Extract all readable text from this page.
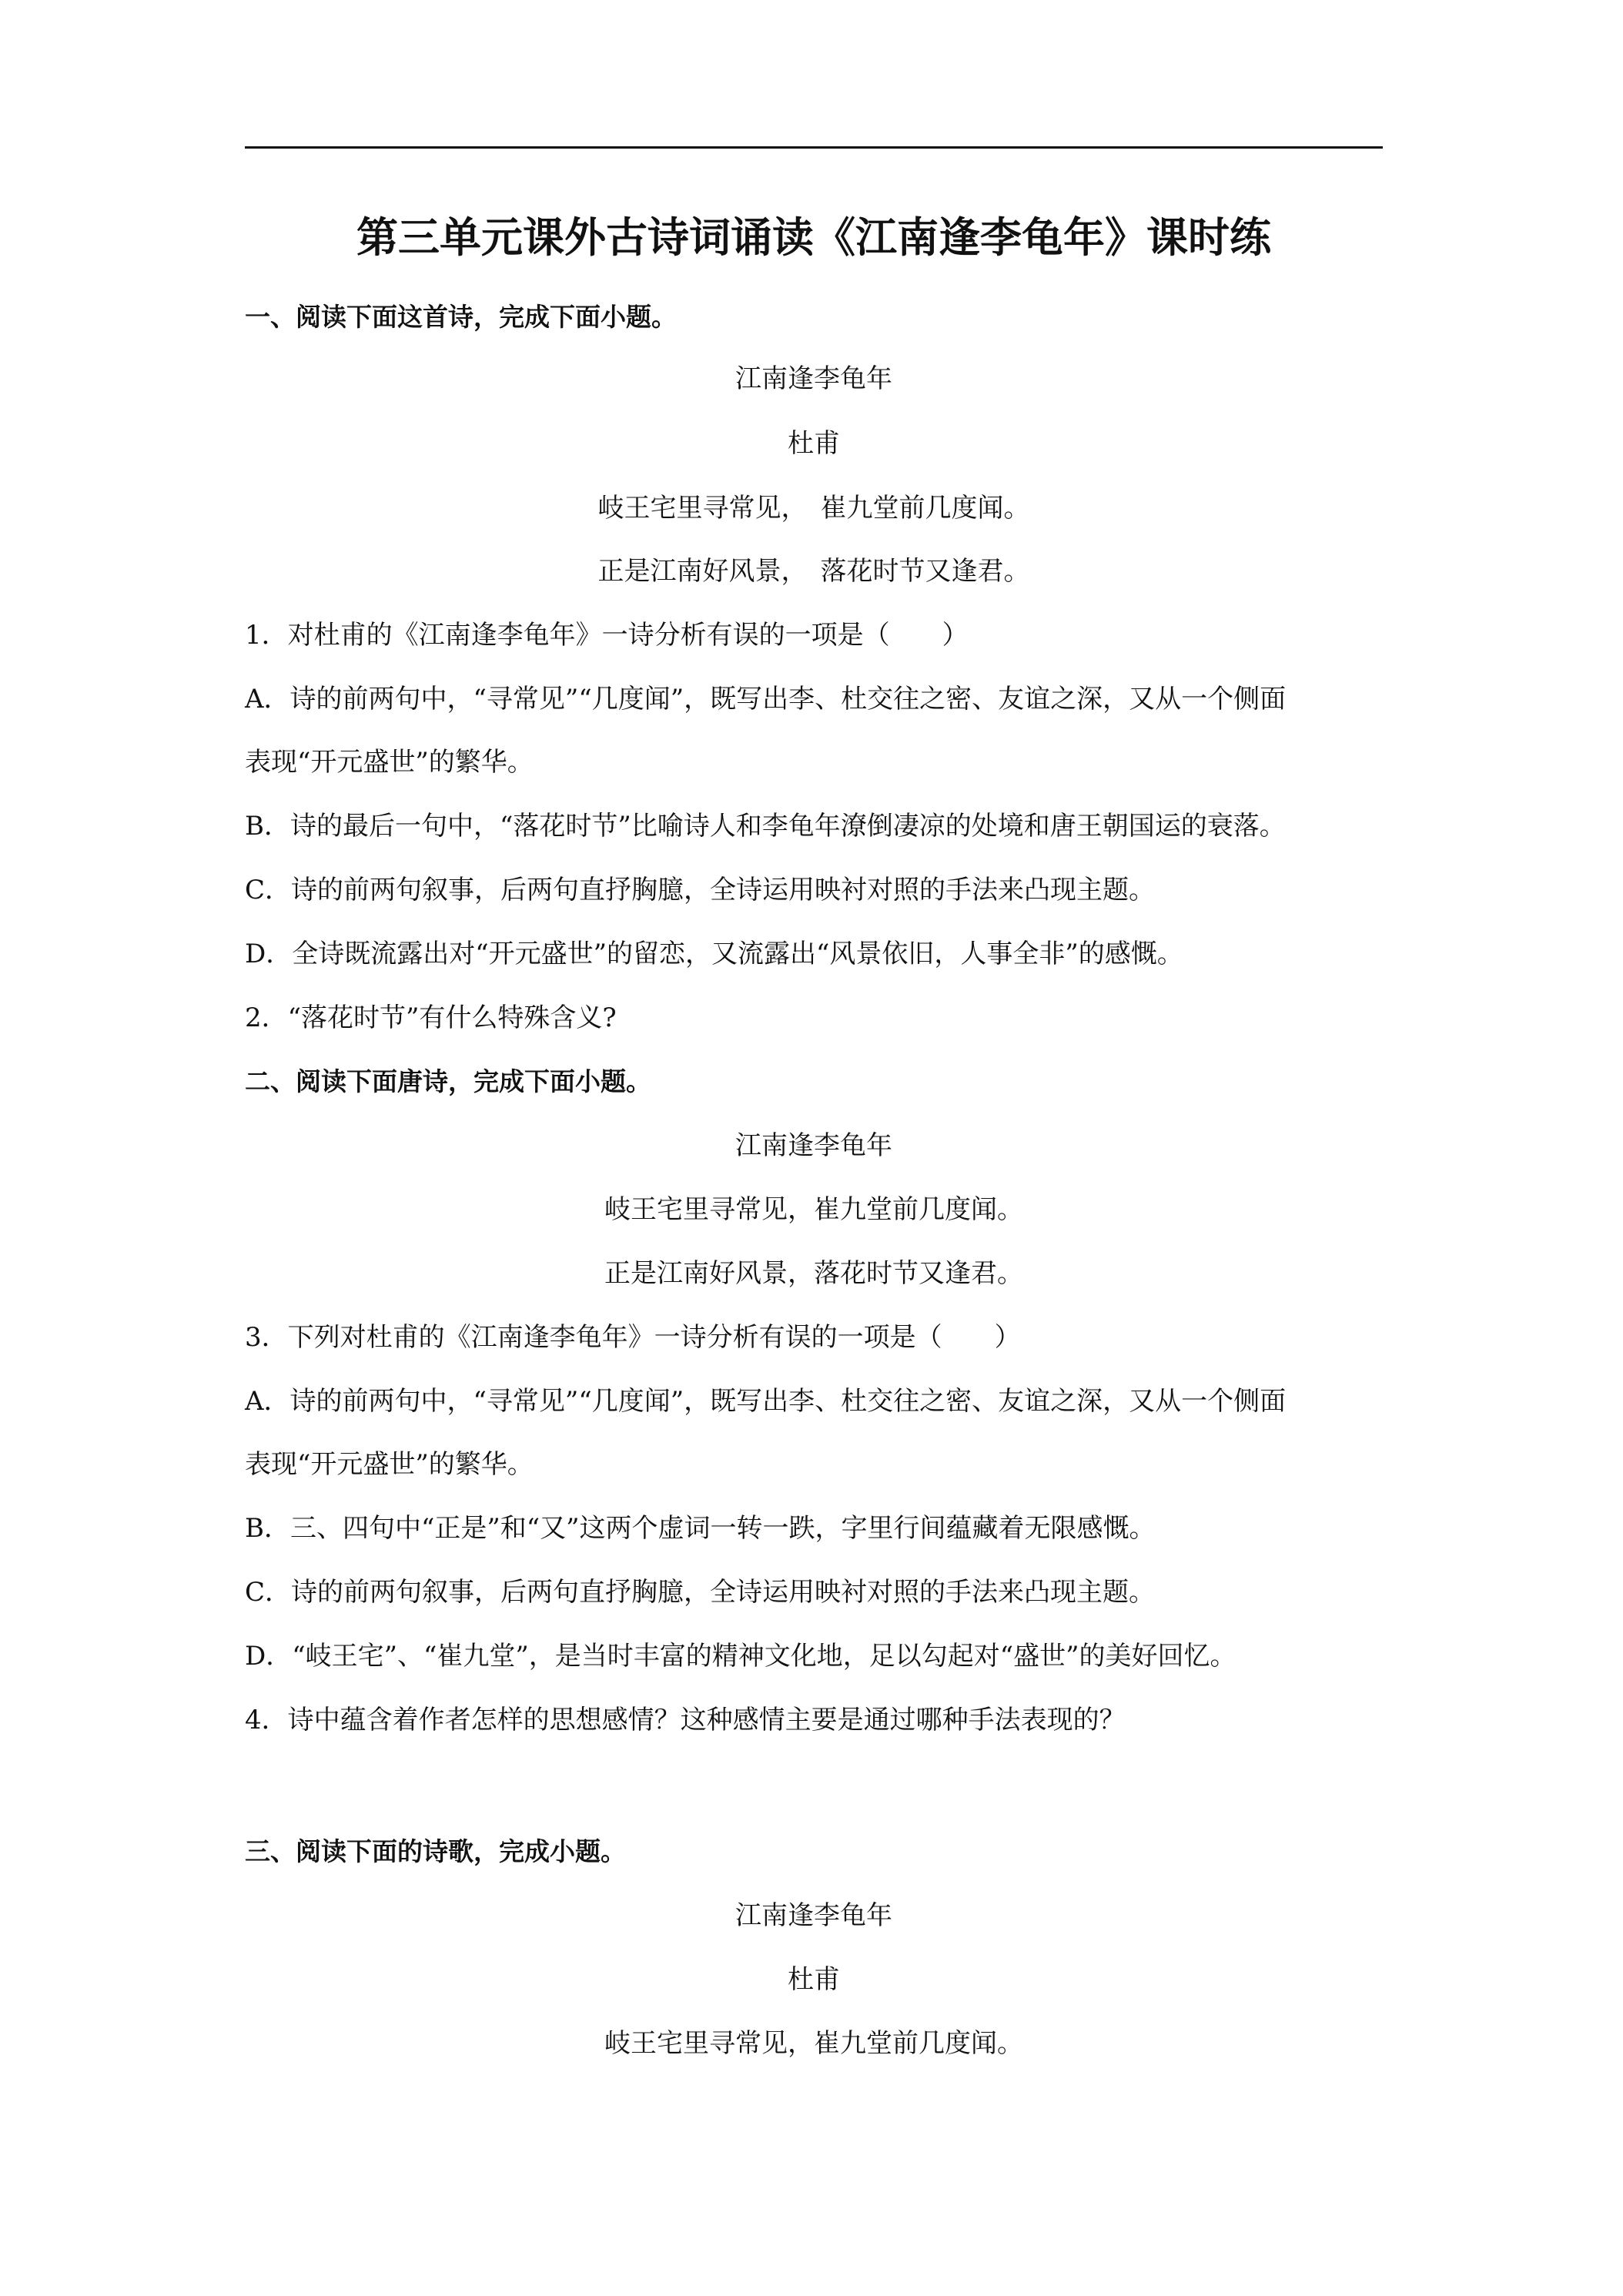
第三单元课外古诗词诵读《江南逢李龟年》课时练
一、阅读下面这首诗，完成下面小题。
江南逢李龟年
杜甫
岐王宅里寻常见，　崔九堂前几度闻。
正是江南好风景，　落花时节又逢君。
1．对杜甫的《江南逢李龟年》一诗分析有误的一项是（　　）
A．诗的前两句中，“寻常见”“几度闻”，既写出李、杜交往之密、友谊之深，又从一个侧面
表现“开元盛世”的繁华。
B．诗的最后一句中，“落花时节”比喻诗人和李龟年潦倒凄凉的处境和唐王朝国运的衰落。
C．诗的前两句叙事，后两句直抒胸臆，全诗运用映衬对照的手法来凸现主题。
D．全诗既流露出对“开元盛世”的留恋，又流露出“风景依旧，人事全非”的感慨。
2．“落花时节”有什么特殊含义?
二、阅读下面唐诗，完成下面小题。
江南逢李龟年
岐王宅里寻常见，崔九堂前几度闻。
正是江南好风景，落花时节又逢君。
3．下列对杜甫的《江南逢李龟年》一诗分析有误的一项是（　　）
A．诗的前两句中，“寻常见”“几度闻”，既写出李、杜交往之密、友谊之深，又从一个侧面
表现“开元盛世”的繁华。
B．三、四句中“正是”和“又”这两个虚词一转一跌，字里行间蕴藏着无限感慨。
C．诗的前两句叙事，后两句直抒胸臆，全诗运用映衬对照的手法来凸现主题。
D．“岐王宅”、“崔九堂”，是当时丰富的精神文化地，足以勾起对“盛世”的美好回忆。
4．诗中蕴含着作者怎样的思想感情？这种感情主要是通过哪种手法表现的？
三、阅读下面的诗歌，完成小题。
江南逢李龟年
杜甫
岐王宅里寻常见，崔九堂前几度闻。
